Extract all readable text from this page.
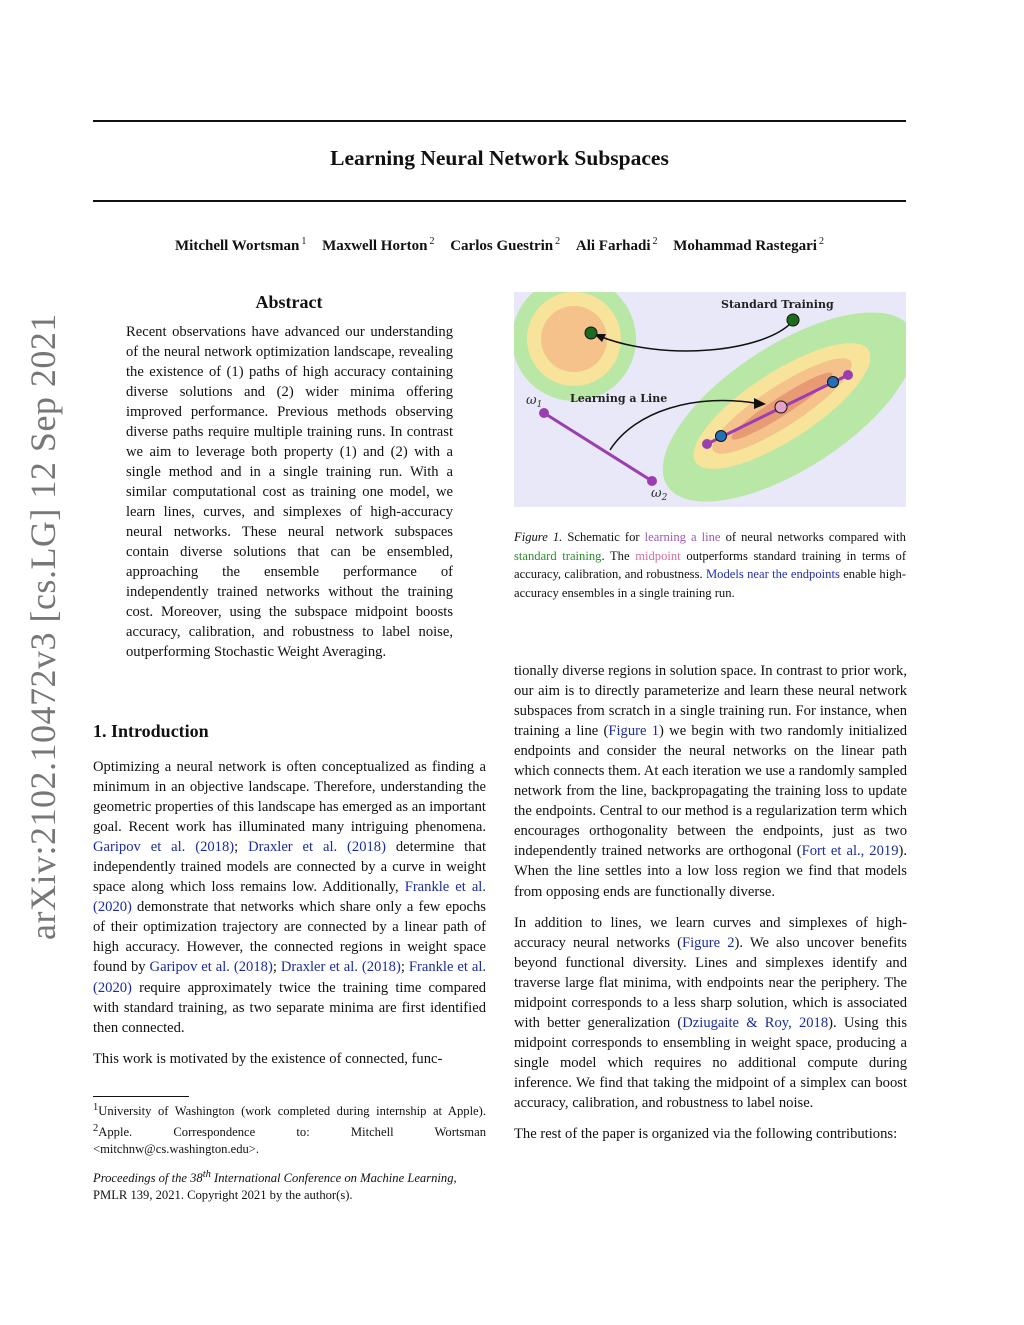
arXiv:2102.10472v3 [cs.LG] 12 Sep 2021
Learning Neural Network Subspaces
Mitchell Wortsman $^1$ Maxwell Horton $^2$ Carlos Guestrin $^2$ Ali Farhadi $^2$ Mohammad Rastegari $^2$
Abstract
Recent observations have advanced our understanding of the neural network optimization landscape, revealing the existence of (1) paths of high accuracy containing diverse solutions and (2) wider minima offering improved performance. Previous methods observing diverse paths require multiple training runs. In contrast we aim to leverage both property (1) and (2) with a single method and in a single training run. With a similar computational cost as training one model, we learn lines, curves, and simplexes of high-accuracy neural networks. These neural network subspaces contain diverse solutions that can be ensembled, approaching the ensemble performance of independently trained networks without the training cost. Moreover, using the subspace midpoint boosts accuracy, calibration, and robustness to label noise, outperforming Stochastic Weight Averaging.
1. Introduction

Optimizing a neural network is often conceptualized as finding a minimum in an objective landscape. Therefore, understanding the geometric properties of this landscape has emerged as an important goal. Recent work has illuminated many intriguing phenomena. Garipov et al. (2018); Draxler et al. (2018) determine that independently trained models are connected by a curve in weight space along which loss remains low. Additionally, Frankle et al. (2020) demonstrate that networks which share only a few epochs of their optimization trajectory are connected by a linear path of high accuracy. However, the connected regions in weight space found by Garipov et al. (2018); Draxler et al. (2018); Frankle et al. (2020) require approximately twice the training time compared with standard training, as two separate minima are first identified then connected.

This work is motivated by the existence of connected, func-

$^1$University of Washington (work completed during internship at Apple). $^2$Apple. Correspondence to: Mitchell Wortsman <mitchnw@cs.washington.edu>.
Proceedings of the 38th International Conference on Machine Learning, PMLR 139, 2021. Copyright 2021 by the author(s).
Standard Training
Learning a Line
$\omega_1$
$\omega_2$
Figure 1. Schematic for learning a line of neural networks compared with standard training. The midpoint outperforms standard training in terms of accuracy, calibration, and robustness. Models near the endpoints enable high-accuracy ensembles in a single training run.

tionally diverse regions in solution space. In contrast to prior work, our aim is to directly parameterize and learn these neural network subspaces from scratch in a single training run. For instance, when training a line (Figure 1) we begin with two randomly initialized endpoints and consider the neural networks on the linear path which connects them. At each iteration we use a randomly sampled network from the line, backpropagating the training loss to update the endpoints. Central to our method is a regularization term which encourages orthogonality between the endpoints, just as two independently trained networks are orthogonal (Fort et al., 2019). When the line settles into a low loss region we find that models from opposing ends are functionally diverse.

In addition to lines, we learn curves and simplexes of high-accuracy neural networks (Figure 2). We also uncover benefits beyond functional diversity. Lines and simplexes identify and traverse large flat minima, with endpoints near the periphery. The midpoint corresponds to a less sharp solution, which is associated with better generalization (Dziugaite & Roy, 2018). Using this midpoint corresponds to ensembling in weight space, producing a single model which requires no additional compute during inference. We find that taking the midpoint of a simplex can boost accuracy, calibration, and robustness to label noise.

The rest of the paper is organized via the following contributions:
